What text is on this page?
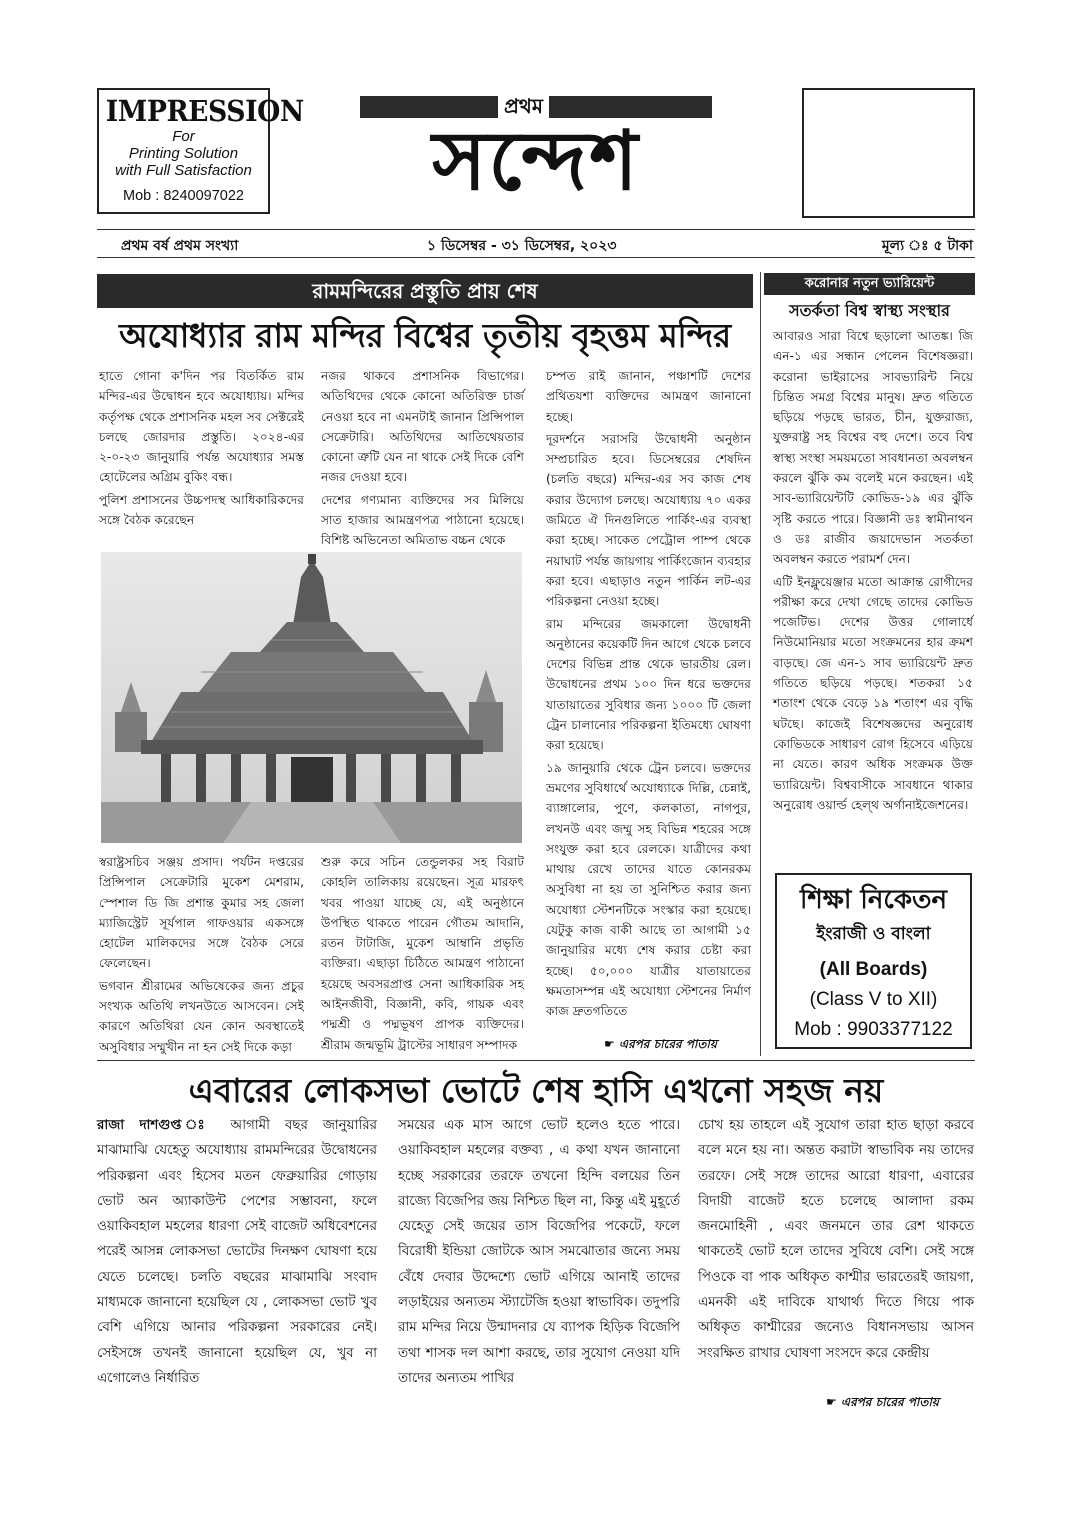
IMPRESSION
For
Printing Solution
with Full Satisfaction
Mob : 8240097022
প্রথম
সন্দেশ
প্রথম বর্ষ প্রথম সংখ্যা	১ ডিসেম্বর - ৩১ ডিসেম্বর, ২০২৩	মূল্য ঃ ৫ টাকা
রামমন্দিরের প্রস্তুতি প্রায় শেষ
অযোধ্যার রাম মন্দির বিশ্বের তৃতীয় বৃহত্তম মন্দির

হাতে গোনা ক'দিন পর বিতর্কিত রাম মন্দির-এর উদ্বোধন হবে অযোধ্যায়। মন্দির কর্তৃপক্ষ থেকে প্রশাসনিক মহল সব সেক্টরেই চলছে জোরদার প্রস্তুতি। ২০২৪-এর ২-০-২৩ জানুয়ারি পর্যন্ত অযোধ্যার সমস্ত হোটেলের অগ্রিম বুকিং বন্ধ।

পুলিশ প্রশাসনের উচ্চপদস্থ আধিকারিকদের সঙ্গে বৈঠক করেছেন

নজর থাকবে প্রশাসনিক বিভাগের। অতিথিদের থেকে কোনো অতিরিক্ত চার্জ নেওয়া হবে না এমনটাই জানান প্রিন্সিপাল সেক্রেটারি। অতিথিদের আতিথেয়তার কোনো ত্রুটি যেন না থাকে সেই দিকে বেশি নজর দেওয়া হবে।

দেশের গণ্যমান্য ব্যক্তিদের সব মিলিয়ে সাত হাজার আমন্ত্রণপত্র পাঠানো হয়েছে। বিশিষ্ট অভিনেতা অমিতাভ বচ্চন থেকে

স্বরাষ্ট্রসচিব সঞ্জয় প্রসাদ। পর্যটন দপ্তরের প্রিন্সিপাল সেক্রেটারি মুকেশ মেশরাম, স্পেশাল ডি জি প্রশান্ত কুমার সহ জেলা ম্যাজিস্ট্রেট সূর্যপাল গাফওয়ার একসঙ্গে হোটেল মালিকদের সঙ্গে বৈঠক সেরে ফেলেছেন।

ভগবান শ্রীরামের অভিষেকের জন্য প্রচুর সংখ্যক অতিথি লখনউতে আসবেন। সেই কারণে অতিথিরা যেন কোন অবস্থাতেই অসুবিধার সম্মুখীন না হন সেই দিকে কড়া

শুরু করে সচিন তেন্ডুলকর সহ বিরাট কোহলি তালিকায় রয়েছেন। সূত্র মারফৎ খবর পাওয়া যাচ্ছে যে, এই অনুষ্ঠানে উপস্থিত থাকতে পারেন গৌতম আদানি, রতন টাটাজি, মুকেশ আম্বানি প্রভৃতি ব্যক্তিরা। এছাড়া চিঠিতে আমন্ত্রণ পাঠানো হয়েছে অবসরপ্রাপ্ত সেনা আধিকারিক সহ আইনজীবী, বিজ্ঞানী, কবি, গায়ক এবং পদ্মশ্রী ও পদ্মভূষণ প্রাপক ব্যক্তিদের। শ্রীরাম জন্মভূমি ট্রাস্টের সাধারণ সম্পাদক

চম্পত রাই জানান, পঞ্চাশটি দেশের প্রথিতযশা ব্যক্তিদের আমন্ত্রণ জানানো হচ্ছে।

দূরদর্শনে সরাসরি উদ্বোধনী অনুষ্ঠান সম্প্রচারিত হবে। ডিসেম্বরের শেষদিন (চলতি বছরে) মন্দির-এর সব কাজ শেষ করার উদ্যোগ চলছে। অযোধ্যায় ৭০ একর জমিতে ঐ দিনগুলিতে পার্কিং-এর ব্যবস্থা করা হচ্ছে। সাকেত পেট্রোল পাম্প থেকে নয়াঘাট পর্যন্ত জায়গায় পার্কিংজোন ব্যবহার করা হবে। এছাড়াও নতুন পার্কিন লট-এর পরিকল্পনা নেওয়া হচ্ছে।

রাম মন্দিরের জমকালো উদ্বোধনী অনুষ্ঠানের কয়েকটি দিন আগে থেকে চলবে দেশের বিভিন্ন প্রান্ত থেকে ভারতীয় রেল। উদ্বোধনের প্রথম ১০০ দিন ধরে ভক্তদের যাতায়াতের সুবিধার জন্য ১০০০ টি জেলা ট্রেন চালানোর পরিকল্পনা ইতিমধ্যে ঘোষণা করা হয়েছে।

১৯ জানুয়ারি থেকে ট্রেন চলবে। ভক্তদের ভ্রমণের সুবিধার্থে অযোধ্যাকে দিল্লি, চেন্নাই, ব্যাঙ্গালোর, পুণে, কলকাতা, নাগপুর, লখনউ এবং জম্মু সহ বিভিন্ন শহরের সঙ্গে সংযুক্ত করা হবে রেলকে। যাত্রীদের কথা মাথায় রেখে তাদের যাতে কোনরকম অসুবিধা না হয় তা সুনিশ্চিত করার জন্য অযোধ্যা স্টেশনটিকে সংস্কার করা হয়েছে। যেটুকু কাজ বাকী আছে তা আগামী ১৫ জানুয়ারির মধ্যে শেষ করার চেষ্টা করা হচ্ছে। ৫০,০০০ যাত্রীর যাতায়াতের ক্ষমতাসম্পন্ন এই অযোধ্যা স্টেশনের নির্মাণ কাজ দ্রুতগতিতে

☛ এরপর চারের পাতায়
করোনার নতুন ভ্যারিয়েন্ট
সতর্কতা বিশ্ব স্বাস্থ্য সংস্থার

আবারও সারা বিশ্বে ছড়ালো আতঙ্ক। জি এন-১ এর সন্ধান পেলেন বিশেষজ্ঞরা। করোনা ভাইরাসের সাবভ্যারিন্ট নিয়ে চিন্তিত সমগ্র বিশ্বের মানুষ। দ্রুত গতিতে ছড়িয়ে পড়ছে ভারত, চীন, যুক্তরাজ্য, যুক্তরাষ্ট্র সহ বিশ্বের বহু দেশে। তবে বিশ্ব স্বাস্থ্য সংস্থা সময়মতো সাবধানতা অবলম্বন করলে ঝুঁকি কম বলেই মনে করছেন। এই সাব-ভ্যারিয়েন্টটি কোভিড-১৯ এর ঝুঁকি সৃষ্টি করতে পারে। বিজ্ঞানী ডঃ স্বামীনাথন ও ডঃ রাজীব জয়াদেভান সতর্কতা অবলম্বন করতে পরামর্শ দেন।

এটি ইনফ্লুয়েঞ্জার মতো আক্রান্ত রোগীদের পরীক্ষা করে দেখা গেছে তাদের কোভিড পজেটিভ। দেশের উত্তর গোলার্ধে নিউমোনিয়ার মতো সংক্রমনের হার ক্রমশ বাড়ছে। জে এন-১ সাব ভ্যারিয়েন্ট দ্রুত গতিতে ছড়িয়ে পড়ছে। শতকরা ১৫ শতাংশ থেকে বেড়ে ১৯ শতাংশ এর বৃদ্ধি ঘটছে। কাজেই বিশেষজ্ঞদের অনুরোধ কোভিডকে সাধারণ রোগ হিসেবে এড়িয়ে না যেতে। কারণ অধিক সংক্রমক উক্ত ভ্যারিয়েন্ট। বিশ্ববাসীকে সাবধানে থাকার অনুরোধ ওয়ার্ল্ড হেল্থ অর্গানাইজেশনের।

শিক্ষা নিকেতন
ইংরাজী ও বাংলা
(All Boards)
(Class V to XII)
Mob : 9903377122
এবারের লোকসভা ভোটে শেষ হাসি এখনো সহজ নয়
রাজা দাশগুপ্ত ঃ আগামী বছর জানুয়ারির মাঝামাঝি যেহেতু অযোধ্যায় রামমন্দিরের উদ্বোধনের পরিকল্পনা এবং হিসেব মতন ফেব্রুয়ারির গোড়ায় ভোট অন অ্যাকাউন্ট পেশের সম্ভাবনা, ফলে ওয়াকিবহাল মহলের ধারণা সেই বাজেট অধিবেশনের পরেই আসন্ন লোকসভা ভোটের দিনক্ষণ ঘোষণা হয়ে যেতে চলেছে। চলতি বছরের মাঝামাঝি সংবাদ মাধ্যমকে জানানো হয়েছিল যে , লোকসভা ভোট খুব বেশি এগিয়ে আনার পরিকল্পনা সরকারের নেই। সেইসঙ্গে তখনই জানানো হয়েছিল যে, খুব না এগোলেও নির্ধারিত
সময়ের এক মাস আগে ভোট হলেও হতে পারে। ওয়াকিবহাল মহলের বক্তব্য , এ কথা যখন জানানো হচ্ছে সরকারের তরফে তখনো হিন্দি বলয়ের তিন রাজ্যে বিজেপির জয় নিশ্চিত ছিল না, কিন্তু এই মুহূর্তে যেহেতু সেই জয়ের তাস বিজেপির পকেটে, ফলে বিরোধী ইন্ডিয়া জোটকে আস সমঝোতার জন্যে সময় বেঁধে দেবার উদ্দেশ্যে ভোট এগিয়ে আনাই তাদের লড়াইয়ের অন্যতম স্ট্যাটেজি হওয়া স্বাভাবিক। তদুপরি রাম মন্দির নিয়ে উন্মাদনার যে ব্যাপক হিড়িক বিজেপি তথা শাসক দল আশা করছে, তার সুযোগ নেওয়া যদি তাদের অন্যতম পাখির
চোখ হয় তাহলে এই সুযোগ তারা হাত ছাড়া করবে বলে মনে হয় না। অন্তত করাটা স্বাভাবিক নয় তাদের তরফে। সেই সঙ্গে তাদের আরো ধারণা, এবারের বিদায়ী বাজেট হতে চলেছে আলাদা রকম জনমোহিনী , এবং জনমনে তার রেশ থাকতে থাকতেই ভোট হলে তাদের সুবিধে বেশি। সেই সঙ্গে পিওকে বা পাক অধিকৃত কাশ্মীর ভারতেরই জায়গা, এমনকী এই দাবিকে যাথার্থ্য দিতে গিয়ে পাক অধিকৃত কাশ্মীরের জন্যেও বিধানসভায় আসন সংরক্ষিত রাখার ঘোষণা সংসদে করে কেন্দ্রীয়
☛ এরপর চারের পাতায়
